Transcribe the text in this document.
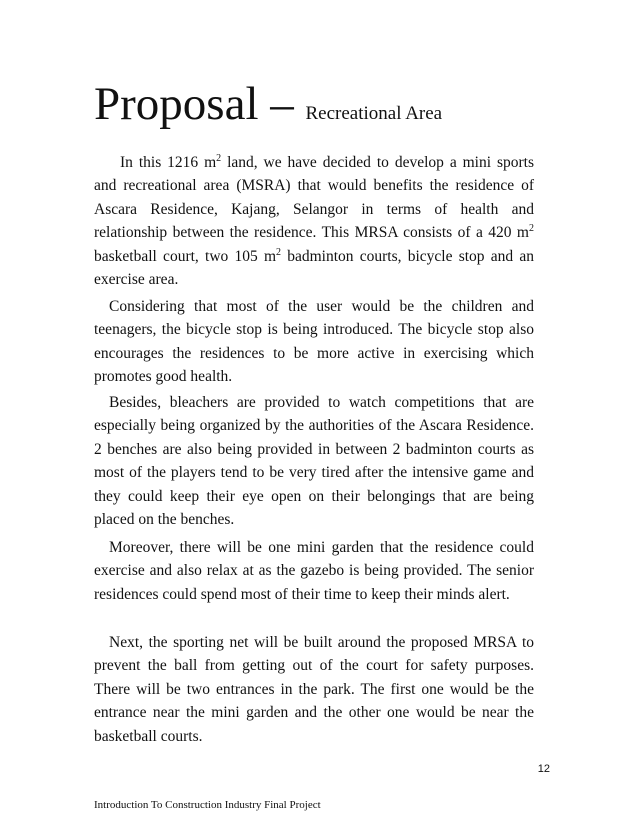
Proposal – Recreational Area

In this 1216 $m^2$ land, we have decided to develop a mini sports and recreational area (MSRA) that would benefits the residence of Ascara Residence, Kajang, Selangor in terms of health and relationship between the residence. This MRSA consists of a 420 $m^2$ basketball court, two 105 $m^2$ badminton courts, bicycle stop and an exercise area.

Considering that most of the user would be the children and teenagers, the bicycle stop is being introduced. The bicycle stop also encourages the residences to be more active in exercising which promotes good health.

Besides, bleachers are provided to watch competitions that are especially being organized by the authorities of the Ascara Residence. 2 benches are also being provided in between 2 badminton courts as most of the players tend to be very tired after the intensive game and they could keep their eye open on their belongings that are being placed on the benches.

Moreover, there will be one mini garden that the residence could exercise and also relax at as the gazebo is being provided. The senior residences could spend most of their time to keep their minds alert.

Next, the sporting net will be built around the proposed MRSA to prevent the ball from getting out of the court for safety purposes. There will be two entrances in the park. The first one would be the entrance near the mini garden and the other one would be near the basketball courts.

12
Introduction To Construction Industry Final Project
